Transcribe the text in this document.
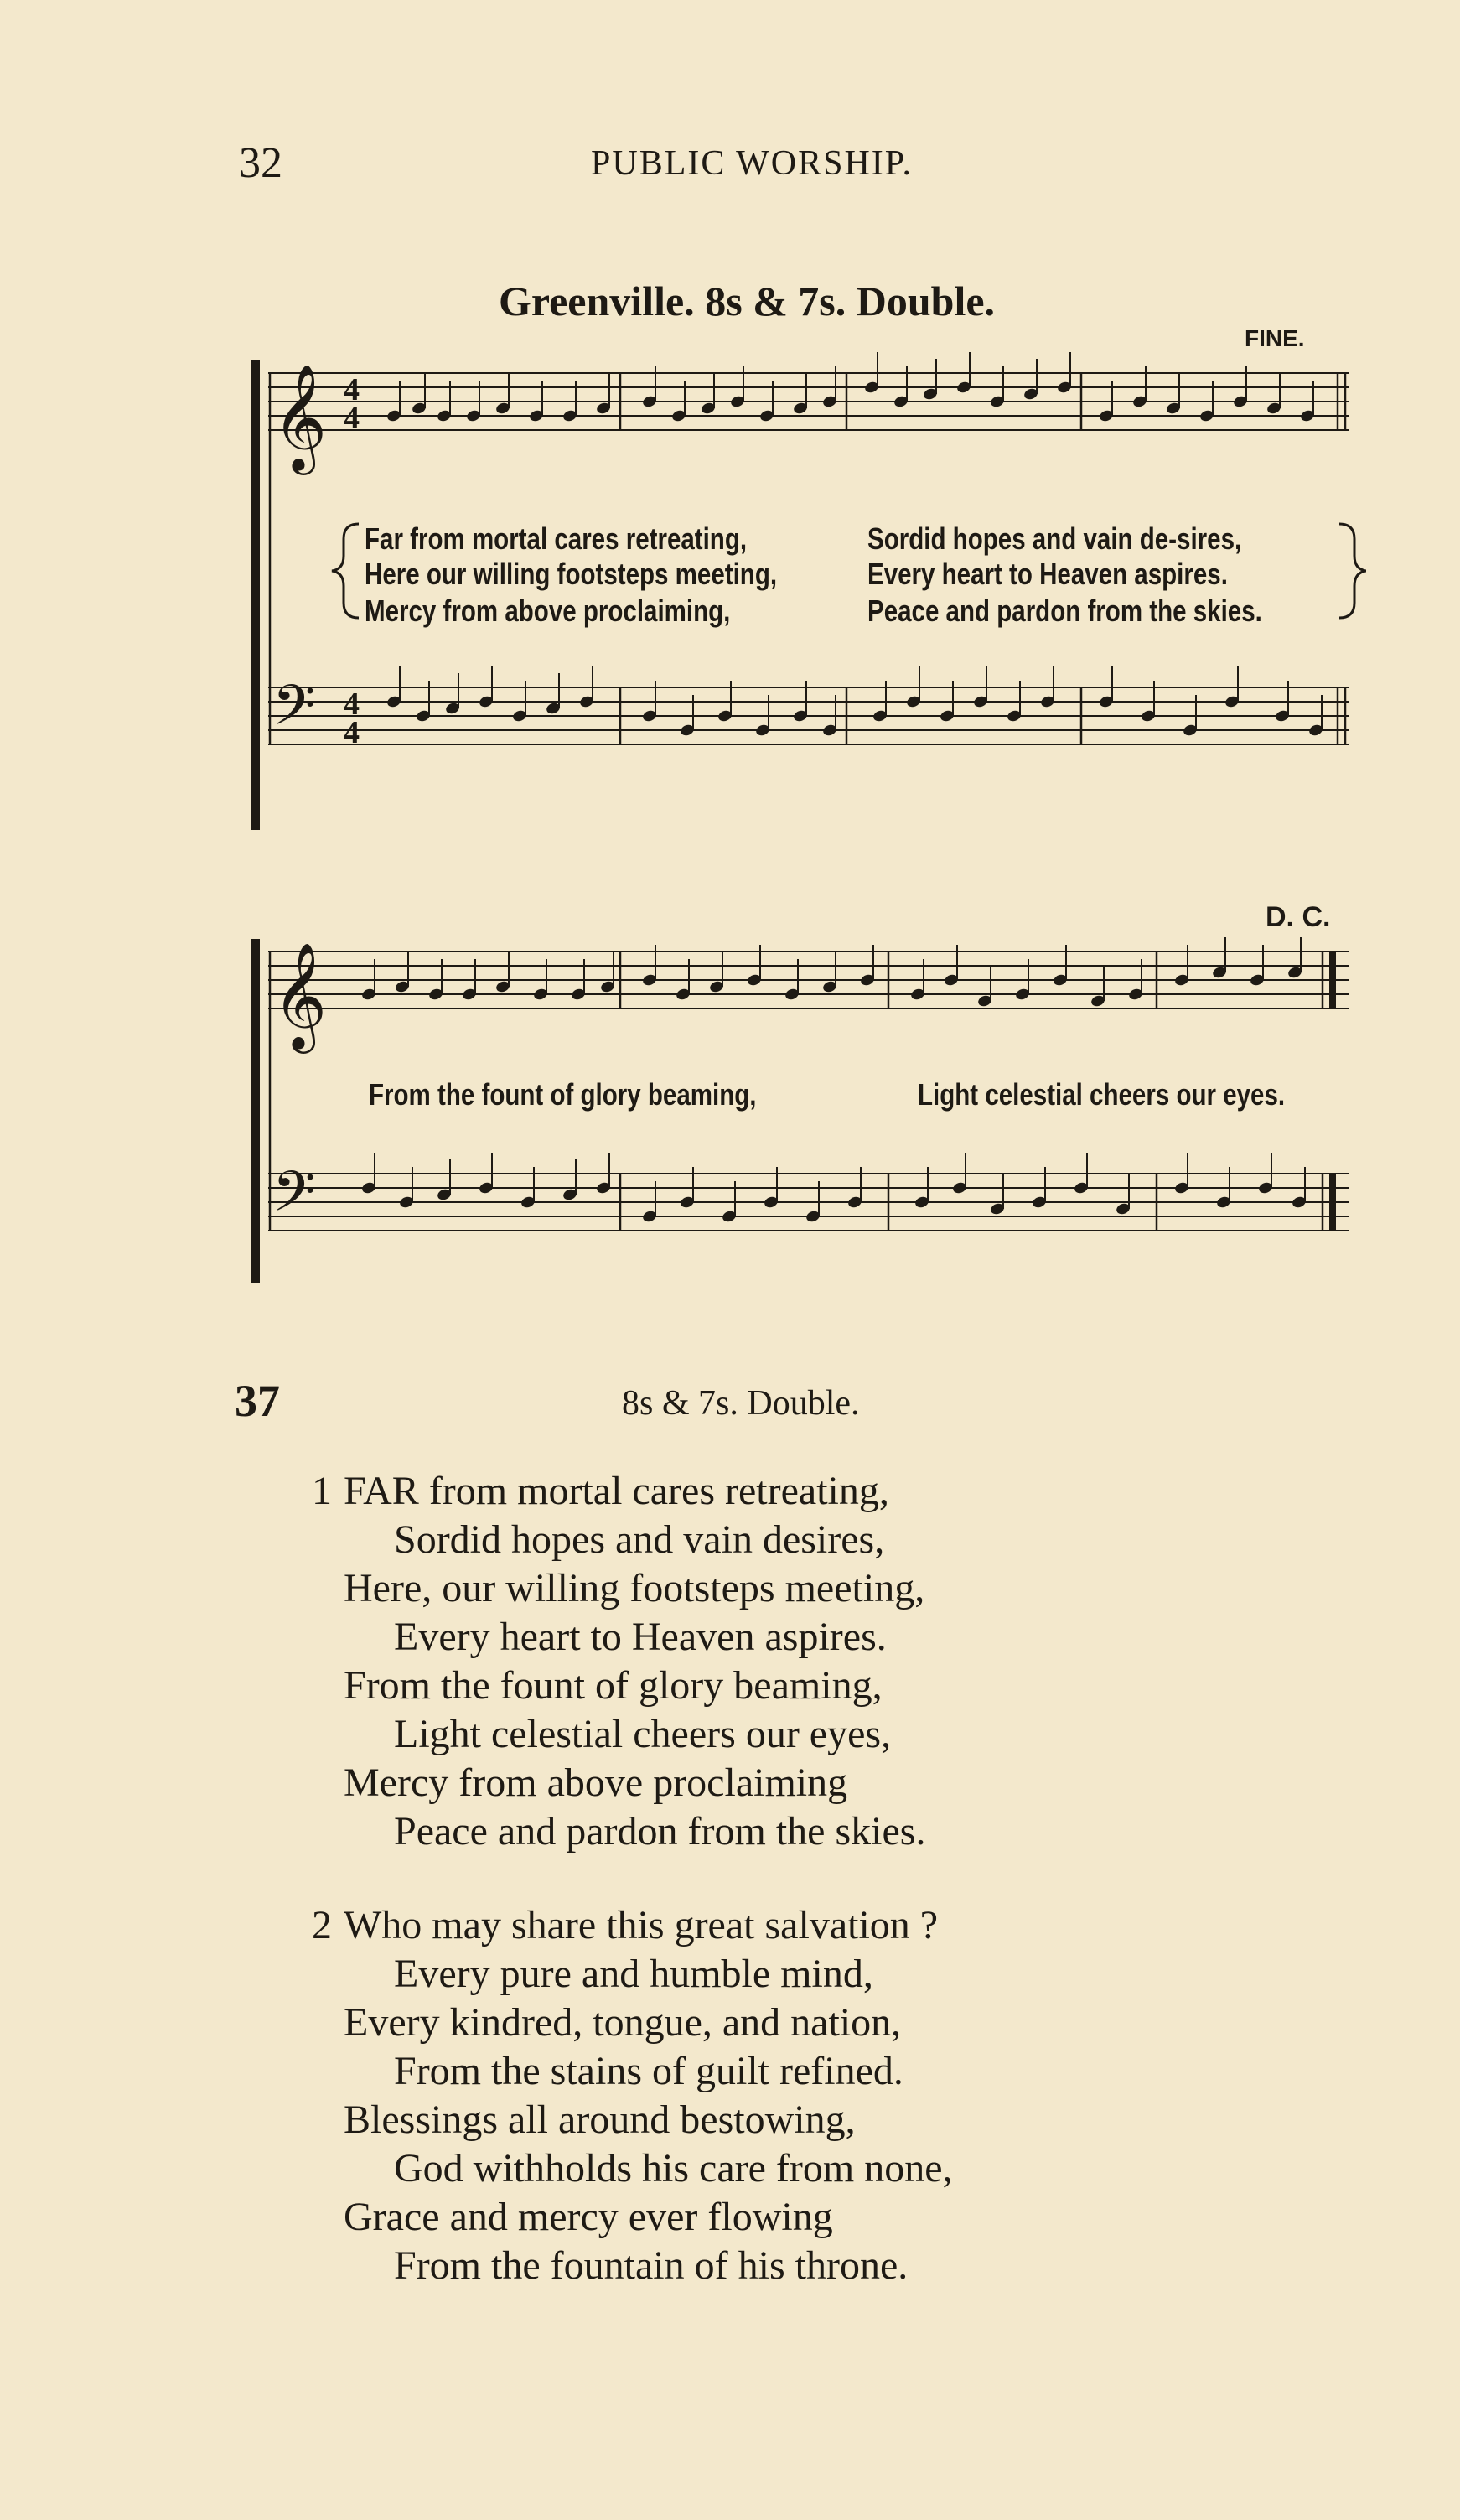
32	PUBLIC WORSHIP.
Greenville. 8s & 7s. Double.
𝄞
𝄢
4
4
4
4
FINE.
Far from mortal cares retreating,	Sordid hopes and vain de-sires,
Here our willing footsteps meeting,	Every heart to Heaven aspires.
Mercy from above proclaiming,	Peace and pardon from the skies.
𝄞
𝄢
D. C.
From the fount of glory beaming,	Light celestial cheers our eyes.
37	8s & 7s. Double.
1 FAR from mortal cares retreating,
Sordid hopes and vain desires,
Here, our willing footsteps meeting,
Every heart to Heaven aspires.
From the fount of glory beaming,
Light celestial cheers our eyes,
Mercy from above proclaiming
Peace and pardon from the skies.
2 Who may share this great salvation ?
Every pure and humble mind,
Every kindred, tongue, and nation,
From the stains of guilt refined.
Blessings all around bestowing,
God withholds his care from none,
Grace and mercy ever flowing
From the fountain of his throne.
